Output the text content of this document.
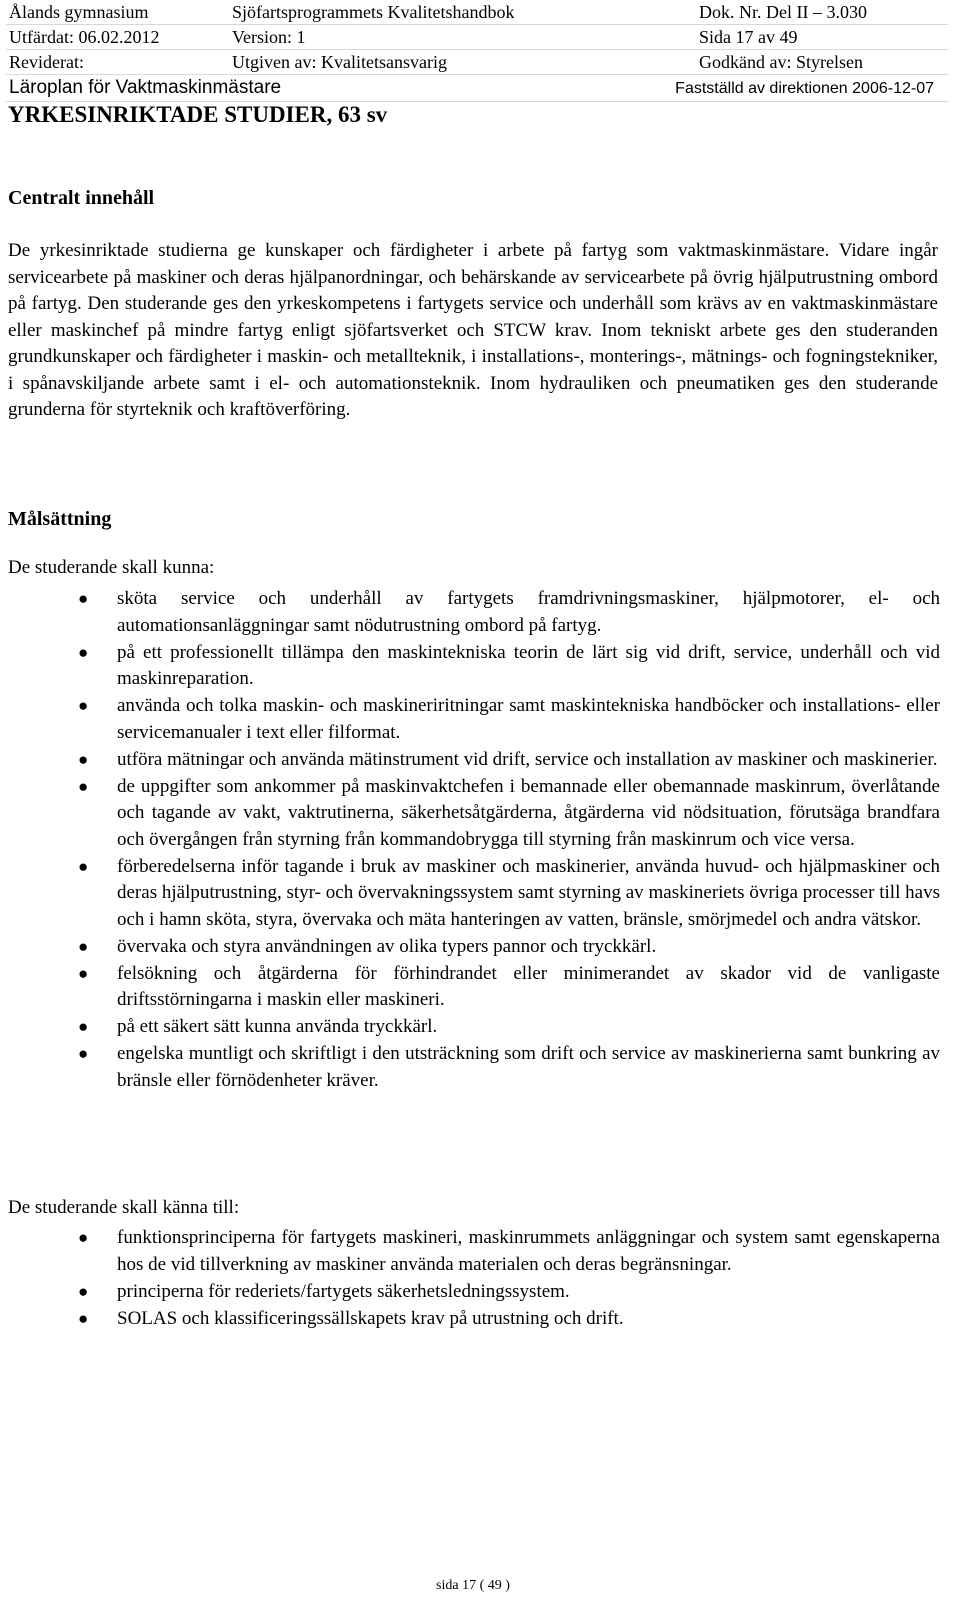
Ålands gymnasium	Sjöfartsprogrammets Kvalitetshandbok	Dok. Nr. Del II – 3.030
Utfärdat: 06.02.2012	Version: 1	Sida 17 av 49
Reviderat:	Utgiven av: Kvalitetsansvarig	Godkänd av: Styrelsen
Läroplan för Vaktmaskinmästare	Fastställd av direktionen 2006-12-07
YRKESINRIKTADE STUDIER, 63 sv
Centralt innehåll

De yrkesinriktade studierna ge kunskaper och färdigheter i arbete på fartyg som vaktmaskinmästare. Vidare ingår servicearbete på maskiner och deras hjälpanordningar, och behärskande av servicearbete på övrig hjälputrustning ombord på fartyg. Den studerande ges den yrkeskompetens i fartygets service och underhåll som krävs av en vaktmaskinmästare eller maskinchef på mindre fartyg enligt sjöfartsverket och STCW krav. Inom tekniskt arbete ges den studeranden grundkunskaper och färdigheter i maskin- och metallteknik, i installations-, monterings-, mätnings- och fogningstekniker, i spånavskiljande arbete samt i el- och automationsteknik. Inom hydrauliken och pneumatiken ges den studerande grunderna för styrteknik och kraftöverföring.

Målsättning

De studerande skall kunna:

● sköta service och underhåll av fartygets framdrivningsmaskiner, hjälpmotorer, el- och automationsanläggningar samt nödutrustning ombord på fartyg.
● på ett professionellt tillämpa den maskintekniska teorin de lärt sig vid drift, service, underhåll och vid maskinreparation.
● använda och tolka maskin- och maskineriritningar samt maskintekniska handböcker och installations- eller servicemanualer i text eller filformat.
● utföra mätningar och använda mätinstrument vid drift, service och installation av maskiner och maskinerier.
● de uppgifter som ankommer på maskinvaktchefen i bemannade eller obemannade maskinrum, överlåtande och tagande av vakt, vaktrutinerna, säkerhetsåtgärderna, åtgärderna vid nödsituation, förutsäga brandfara och övergången från styrning från kommandobrygga till styrning från maskinrum och vice versa.
● förberedelserna inför tagande i bruk av maskiner och maskinerier, använda huvud- och hjälpmaskiner och deras hjälputrustning, styr- och övervakningssystem samt styrning av maskineriets övriga processer till havs och i hamn sköta, styra, övervaka och mäta hanteringen av vatten, bränsle, smörjmedel och andra vätskor.
● övervaka och styra användningen av olika typers pannor och tryckkärl.
● felsökning och åtgärderna för förhindrandet eller minimerandet av skador vid de vanligaste driftsstörningarna i maskin eller maskineri.
● på ett säkert sätt kunna använda tryckkärl.
● engelska muntligt och skriftligt i den utsträckning som drift och service av maskinerierna samt bunkring av bränsle eller förnödenheter kräver.

De studerande skall känna till:

● funktionsprinciperna för fartygets maskineri, maskinrummets anläggningar och system samt egenskaperna hos de vid tillverkning av maskiner använda materialen och deras begränsningar.
● principerna för rederiets/fartygets säkerhetsledningssystem.
● SOLAS och klassificeringssällskapets krav på utrustning och drift.
sida 17 ( 49 )
